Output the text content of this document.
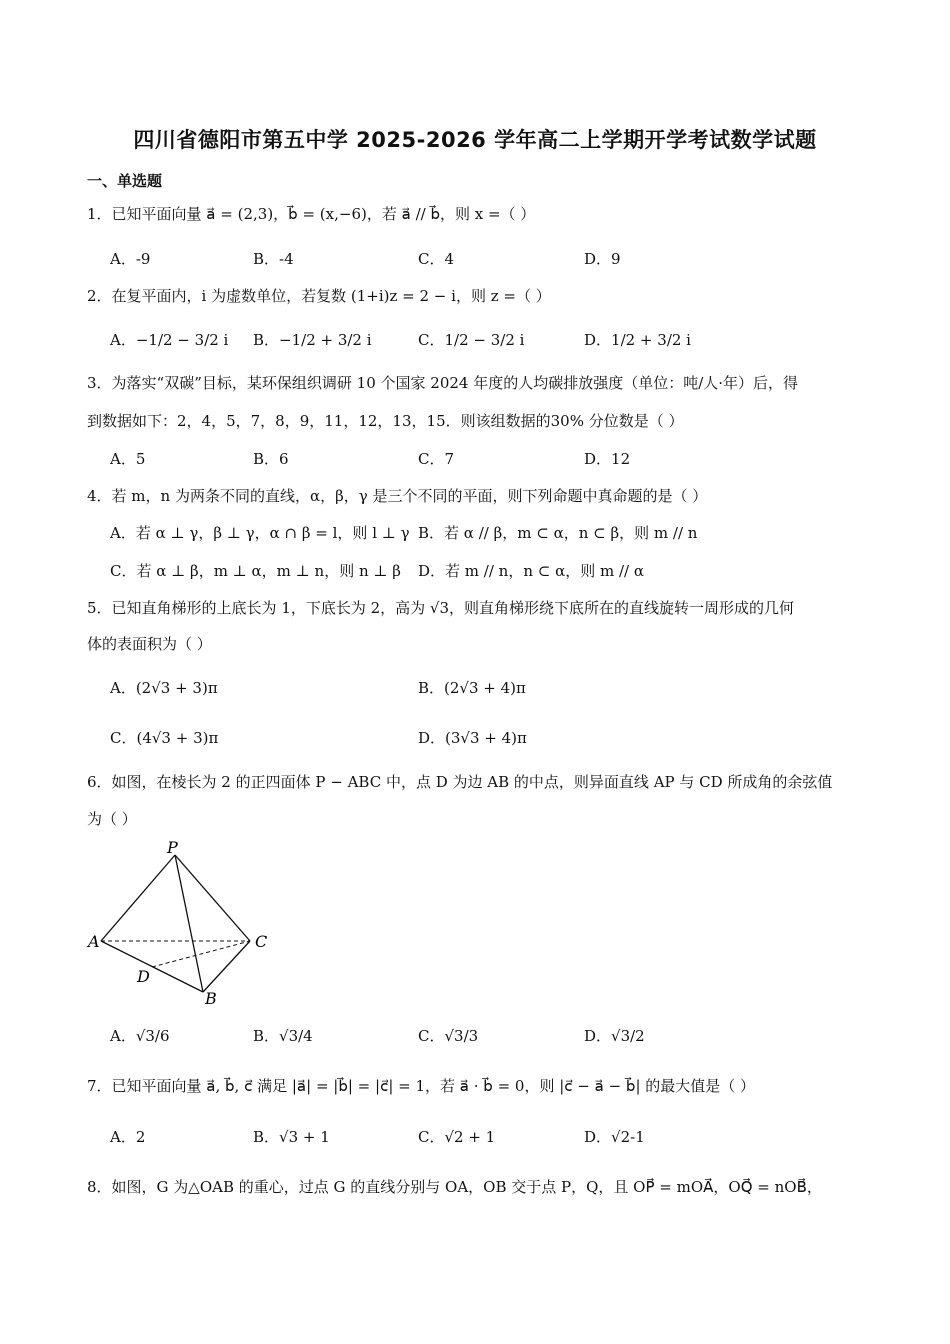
四川省德阳市第五中学 2025-2026 学年高二上学期开学考试数学试题
一、单选题
1．已知平面向量 a⃗ = (2,3)，b⃗ = (x,−6)，若 a⃗ // b⃗，则 x =（ ）
A．-9	B．-4	C．4	D．9
2．在复平面内，i 为虚数单位，若复数 (1+i)z = 2 − i，则 z =（ ）
A．−1/2 − 3/2 i B．−1/2 + 3/2 i	C．1/2 − 3/2 i	D．1/2 + 3/2 i
3．为落实“双碳”目标，某环保组织调研 10 个国家 2024 年度的人均碳排放强度（单位：吨/人·年）后，得
到数据如下：2，4，5，7，8，9，11，12，13，15．则该组数据的30% 分位数是（ ）
A．5	B．6	C．7	D．12
4．若 m，n 为两条不同的直线，α，β，γ 是三个不同的平面，则下列命题中真命题的是（ ）
A．若 α ⊥ γ，β ⊥ γ，α ∩ β = l，则 l ⊥ γ B．若 α // β，m ⊂ α，n ⊂ β，则 m // n
C．若 α ⊥ β，m ⊥ α，m ⊥ n，则 n ⊥ β D．若 m // n，n ⊂ α，则 m // α
5．已知直角梯形的上底长为 1，下底长为 2，高为 √3，则直角梯形绕下底所在的直线旋转一周形成的几何
体的表面积为（ ）
A．(2√3 + 3)π	B．(2√3 + 4)π
C．(4√3 + 3)π	D．(3√3 + 4)π
6．如图，在棱长为 2 的正四面体 P − ABC 中，点 D 为边 AB 的中点，则异面直线 AP 与 CD 所成角的余弦值
为（ ）
P
A	C
B
D
A．√3/6	B．√3/4	C．√3/3	D．√3/2
7．已知平面向量 a⃗, b⃗, c⃗ 满足 |a⃗| = |b⃗| = |c⃗| = 1，若 a⃗ · b⃗ = 0，则 |c⃗ − a⃗ − b⃗| 的最大值是（ ）
A．2	B．√3 + 1	C．√2 + 1	D．√2-1
8．如图，G 为△OAB 的重心，过点 G 的直线分别与 OA，OB 交于点 P，Q，且 OP⃗ = mOA⃗，OQ⃗ = nOB⃗，
